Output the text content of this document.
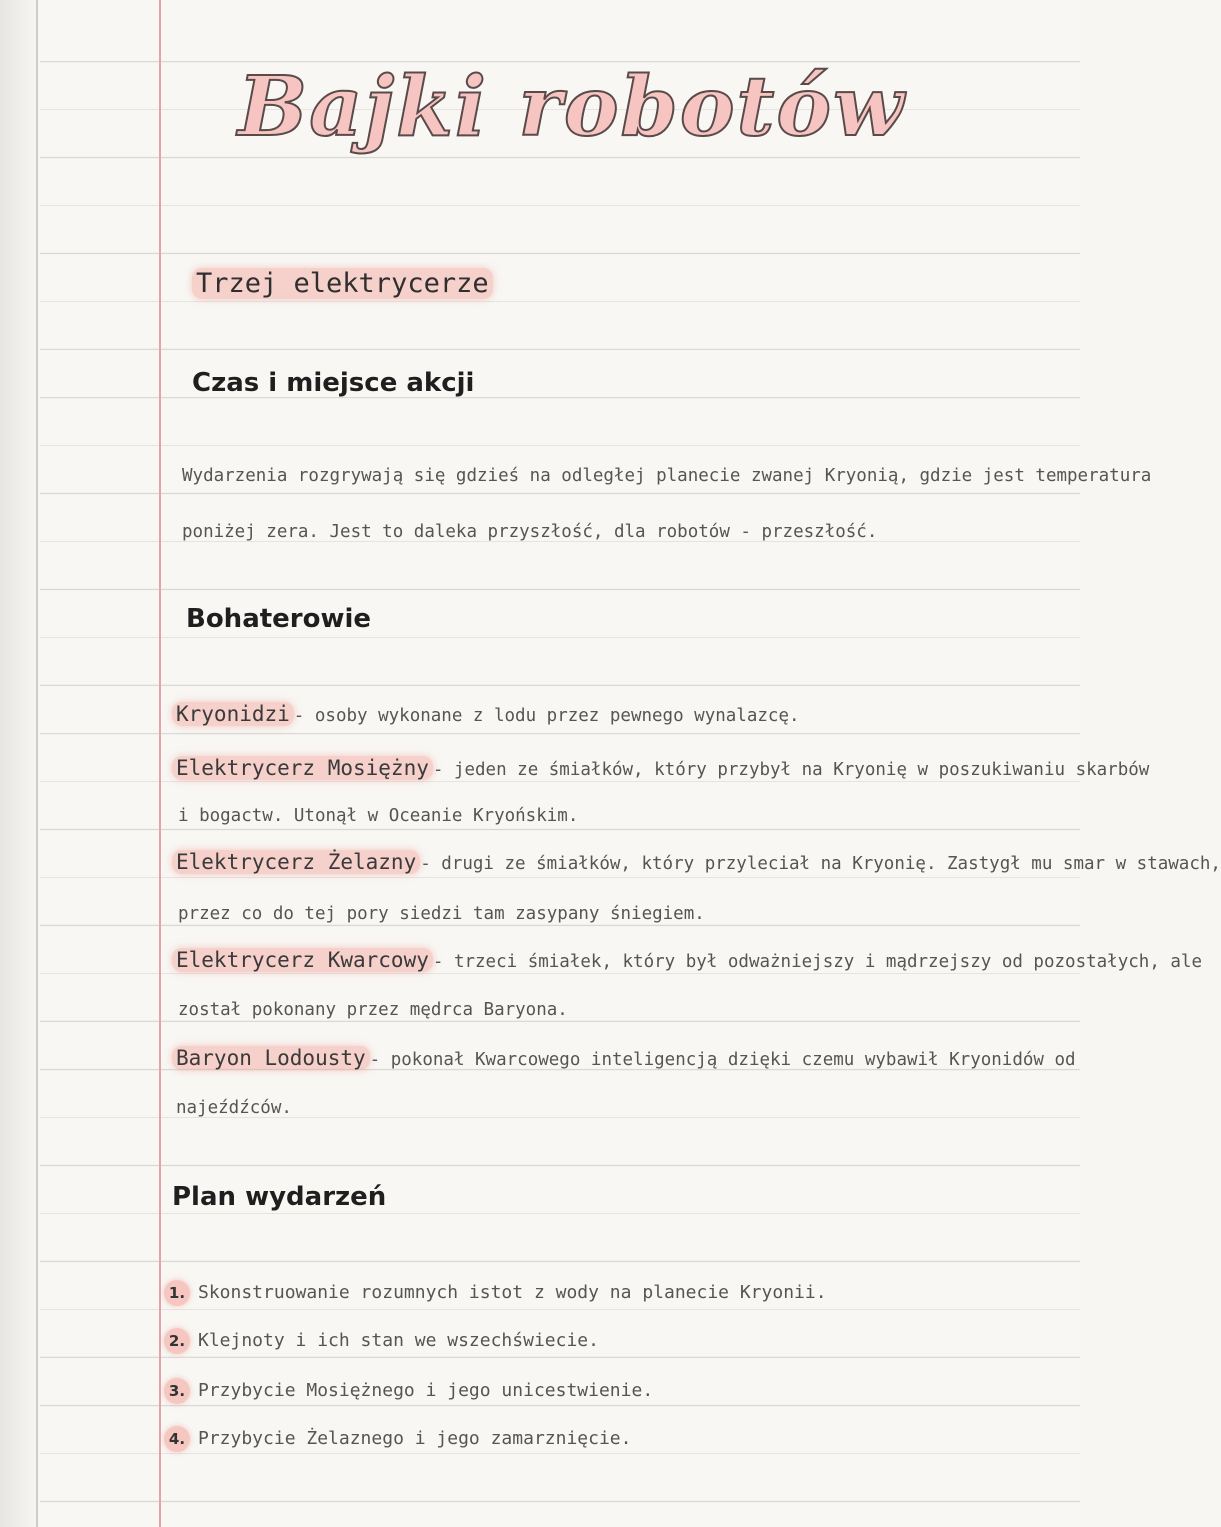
Bajki robotów
Trzej elektrycerze
Czas i miejsce akcji
Wydarzenia rozgrywają się gdzieś na odległej planecie zwanej Kryonią, gdzie jest temperatura
poniżej zera. Jest to daleka przyszłość, dla robotów - przeszłość.
Bohaterowie
Kryonidzi - osoby wykonane z lodu przez pewnego wynalazcę.
Elektrycerz Mosiężny - jeden ze śmiałków, który przybył na Kryonię w poszukiwaniu skarbów
i bogactw. Utonął w Oceanie Kryońskim.
Elektrycerz Żelazny - drugi ze śmiałków, który przyleciał na Kryonię. Zastygł mu smar w stawach,
przez co do tej pory siedzi tam zasypany śniegiem.
Elektrycerz Kwarcowy - trzeci śmiałek, który był odważniejszy i mądrzejszy od pozostałych, ale
został pokonany przez mędrca Baryona.
Baryon Lodousty - pokonał Kwarcowego inteligencją dzięki czemu wybawił Kryonidów od
najeźdźców.
Plan wydarzeń
1. Skonstruowanie rozumnych istot z wody na planecie Kryonii.
2. Klejnoty i ich stan we wszechświecie.
3. Przybycie Mosiężnego i jego unicestwienie.
4. Przybycie Żelaznego i jego zamarznięcie.
